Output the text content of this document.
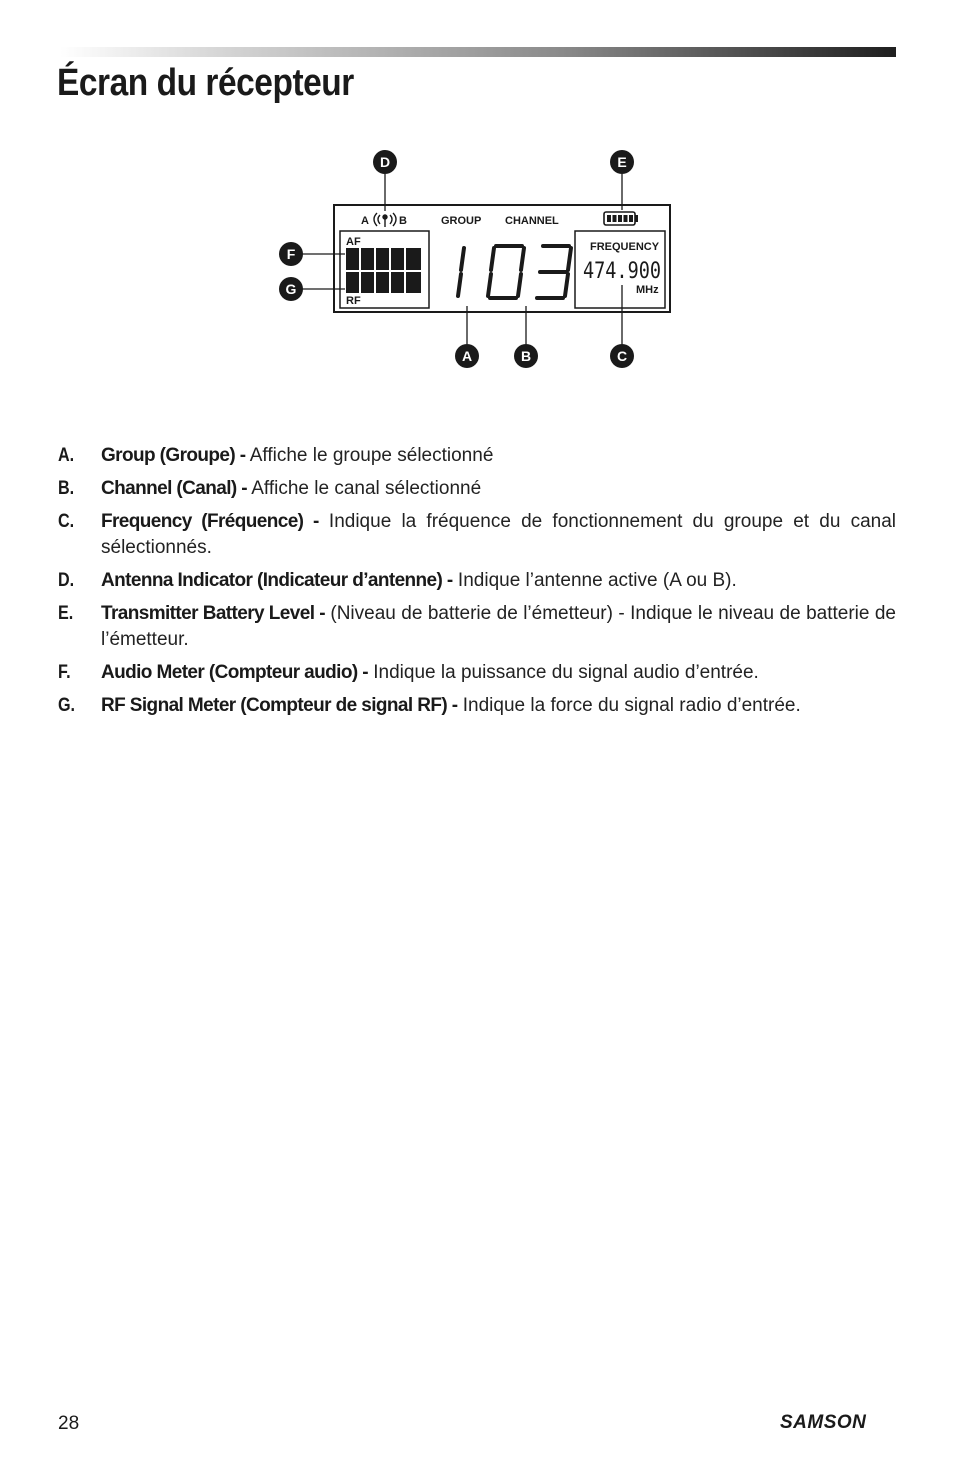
Écran du récepteur
A	B	GROUP CHANNEL
AF
RF
FREQUENCY
474.900
MHz
D	E
F
G
A	B	C
A.	Group (Groupe) - Affiche le groupe sélectionné
B.	Channel (Canal) - Affiche le canal sélectionné
C.	Frequency (Fréquence) - Indique la fréquence de fonctionnement du groupe et du canal sélectionnés.
D.	Antenna Indicator (Indicateur d’antenne) - Indique l’antenne active (A ou B).
E.	Transmitter Battery Level - (Niveau de batterie de l’émetteur) - Indique le niveau de batterie de l’émetteur.
F.	Audio Meter (Compteur audio) - Indique la puissance du signal audio d’entrée.
G.	RF Signal Meter (Compteur de signal RF) - Indique la force du signal radio d’entrée.
28	SAMSON
